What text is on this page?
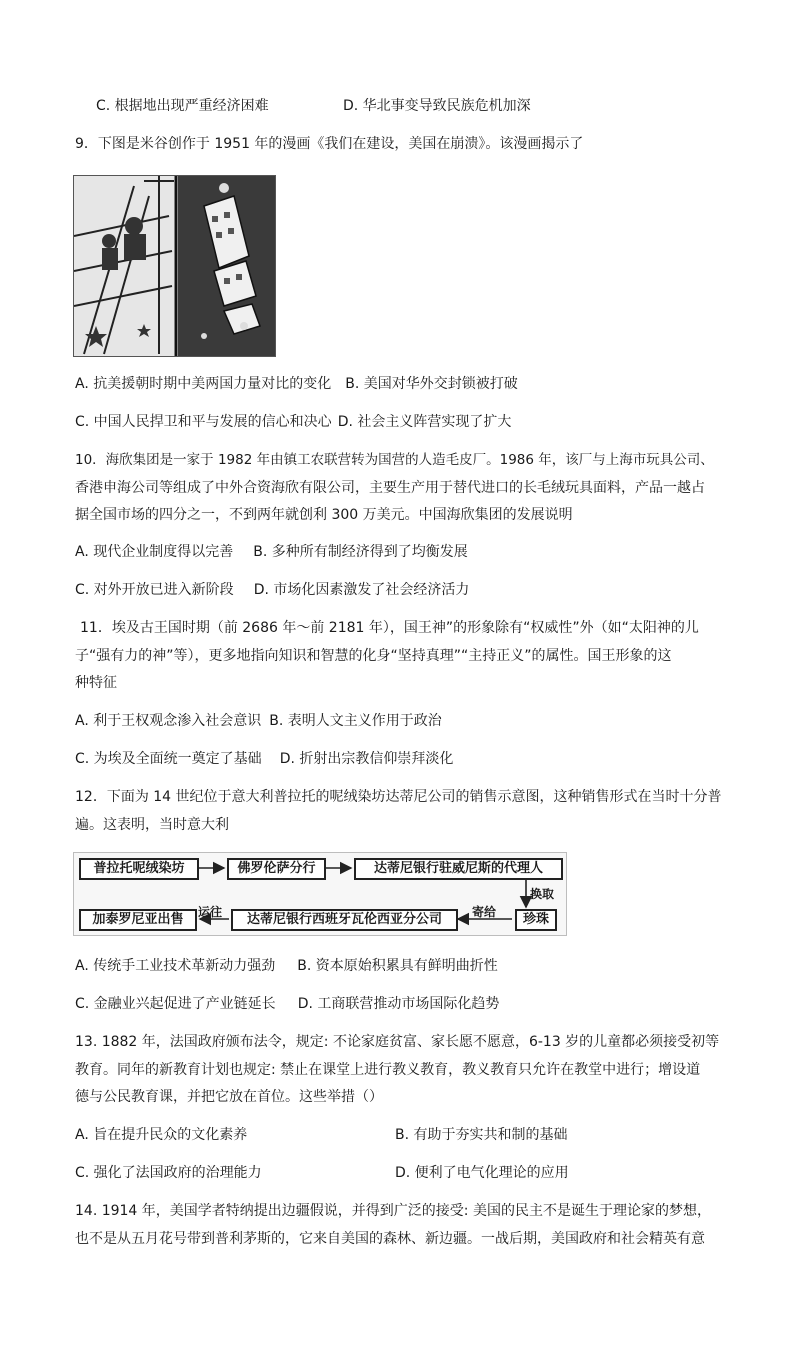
C. 根据地出现严重经济困难	D. 华北事变导致民族危机加深
9．下图是米谷创作于 1951 年的漫画《我们在建设，美国在崩溃》。该漫画揭示了
A. 抗美援朝时期中美两国力量对比的变化 B. 美国对华外交封锁被打破
C. 中国人民捍卫和平与发展的信心和决心 D. 社会主义阵营实现了扩大
10．海欣集团是一家于 1982 年由镇工农联营转为国营的人造毛皮厂。1986 年，该厂与上海市玩具公司、
香港申海公司等组成了中外合资海欣有限公司，主要生产用于替代进口的长毛绒玩具面料，产品一越占
据全国市场的四分之一，不到两年就创利 300 万美元。中国海欣集团的发展说明
A. 现代企业制度得以完善 B. 多种所有制经济得到了均衡发展
C. 对外开放已进入新阶段 D. 市场化因素激发了社会经济活力
11．埃及古王国时期（前 2686 年～前 2181 年），国王神”的形象除有“权威性”外（如“太阳神的儿
子“强有力的神”等），更多地指向知识和智慧的化身“坚持真理”“主持正义”的属性。国王形象的这
种特征
A. 利于王权观念渗入社会意识 B. 表明人文主义作用于政治
C. 为埃及全面统一奠定了基础 D. 折射出宗教信仰崇拜淡化
12．下面为 14 世纪位于意大利普拉托的呢绒染坊达蒂尼公司的销售示意图，这种销售形式在当时十分普
遍。这表明，当时意大利
普拉托呢绒染坊	佛罗伦萨分行	达蒂尼银行驻威尼斯的代理人
换取
珍珠
寄给
达蒂尼银行西班牙瓦伦西亚分公司
运往
加泰罗尼亚出售
A. 传统手工业技术革新动力强劲 B. 资本原始积累具有鲜明曲折性
C. 金融业兴起促进了产业链延长 D. 工商联营推动市场国际化趋势
13. 1882 年，法国政府颁布法令，规定: 不论家庭贫富、家长愿不愿意，6-13 岁的儿童都必须接受初等
教育。同年的新教育计划也规定: 禁止在课堂上进行教义教育，教义教育只允许在教堂中进行；增设道
德与公民教育课，并把它放在首位。这些举措（）
A. 旨在提升民众的文化素养	B. 有助于夯实共和制的基础
C. 强化了法国政府的治理能力	D. 便利了电气化理论的应用
14. 1914 年，美国学者特纳提出边疆假说，并得到广泛的接受: 美国的民主不是诞生于理论家的梦想，
也不是从五月花号带到普利茅斯的，它来自美国的森林、新边疆。一战后期，美国政府和社会精英有意
